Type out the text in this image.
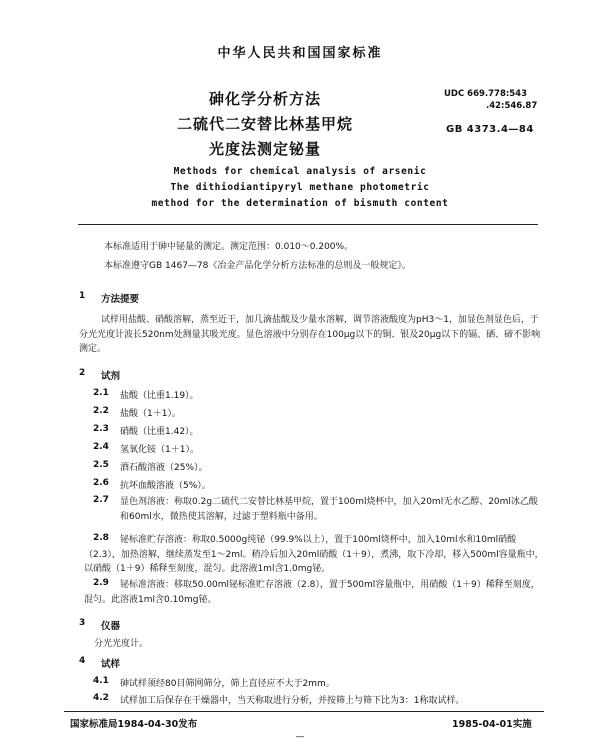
中华人民共和国国家标准
砷化学分析方法
二硫代二安替比林基甲烷
光度法测定铋量
UDC 669.778:543
.42:546.87
GB 4373.4—84
Methods for chemical analysis of arsenic
The dithiodiantipyryl methane photometric
method for the determination of bismuth content
本标准适用于砷中铋量的测定。测定范围：0.010～0.200%。
本标准遵守GB 1467—78《冶金产品化学分析方法标准的总则及一般规定》。
1 方法提要
试样用盐酸、硝酸溶解，蒸至近干，加几滴盐酸及少量水溶解，调节溶液酸度为pH3～1，加显色剂显色后，于分光光度计波长520nm处测量其吸光度。显色溶液中分别存在100μg以下的铜、银及20μg以下的镉、硒、碲不影响测定。
2 试剂
2.1 盐酸（比重1.19）。
2.2 盐酸（1＋1）。
2.3 硝酸（比重1.42）。
2.4 氢氧化铵（1＋1）。
2.5 酒石酸溶液（25%）。
2.6 抗坏血酸溶液（5%）。
2.7	显色剂溶液：称取0.2g二硫代二安替比林基甲烷，置于100ml烧杯中，加入20ml无水乙醇、20ml冰乙酸和60ml水，微热使其溶解，过滤于塑料瓶中备用。
2.8	铋标准贮存溶液：称取0.5000g纯铋（99.9%以上），置于100ml烧杯中，加入10ml水和10ml硝酸（2.3），加热溶解，继续蒸发至1～2ml。稍冷后加入20ml硝酸（1＋9），煮沸，取下冷却，移入500ml容量瓶中，以硝酸（1＋9）稀释至刻度，混匀。此溶液1ml含1.0mg铋。
2.9	铋标准溶液：移取50.00ml铋标准贮存溶液（2.8），置于500ml容量瓶中，用硝酸（1＋9）稀释至刻度，混匀。此溶液1ml含0.10mg铋。
3 仪器
分光光度计。
4 试样
4.1 砷试样须经80目筛网筛分，筛上直径应不大于2mm。
4.2 试样加工后保存在干燥器中，当天称取进行分析，并按筛上与筛下比为3：1称取试样。
国家标准局1984-04-30发布	1985-04-01实施
—
